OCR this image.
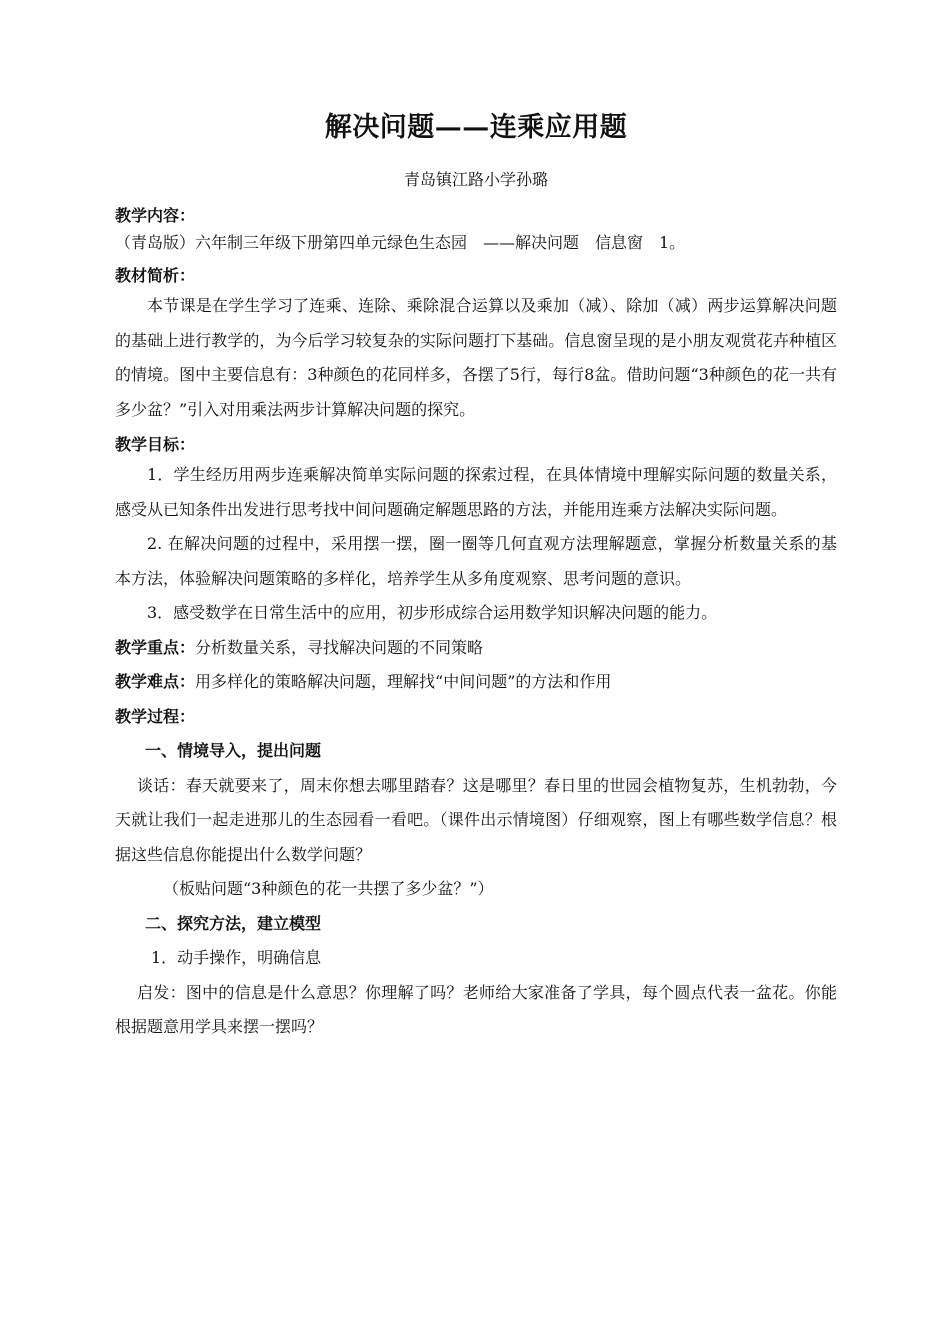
解决问题——连乘应用题
青岛镇江路小学孙璐
教学内容：

（青岛版）六年制三年级下册第四单元绿色生态园　——解决问题　信息窗　1。

教材简析：

本节课是在学生学习了连乘、连除、乘除混合运算以及乘加（减）、除加（减）两步运算解决问题的基础上进行教学的，为今后学习较复杂的实际问题打下基础。信息窗呈现的是小朋友观赏花卉种植区的情境。图中主要信息有：3种颜色的花同样多，各摆了5行，每行8盆。借助问题“3种颜色的花一共有多少盆？”引入对用乘法两步计算解决问题的探究。

教学目标：

1．学生经历用两步连乘解决简单实际问题的探索过程，在具体情境中理解实际问题的数量关系，感受从已知条件出发进行思考找中间问题确定解题思路的方法，并能用连乘方法解决实际问题。

2. 在解决问题的过程中，采用摆一摆，圈一圈等几何直观方法理解题意，掌握分析数量关系的基本方法，体验解决问题策略的多样化，培养学生从多角度观察、思考问题的意识。

3．感受数学在日常生活中的应用，初步形成综合运用数学知识解决问题的能力。

教学重点：分析数量关系，寻找解决问题的不同策略

教学难点：用多样化的策略解决问题，理解找“中间问题”的方法和作用

教学过程：

一、情境导入，提出问题

谈话：春天就要来了，周末你想去哪里踏春？这是哪里？春日里的世园会植物复苏，生机勃勃，今天就让我们一起走进那儿的生态园看一看吧。（课件出示情境图）仔细观察，图上有哪些数学信息？根据这些信息你能提出什么数学问题？

（板贴问题“3种颜色的花一共摆了多少盆？”）

二、探究方法，建立模型

1．动手操作，明确信息

启发：图中的信息是什么意思？你理解了吗？老师给大家准备了学具，每个圆点代表一盆花。你能根据题意用学具来摆一摆吗？
